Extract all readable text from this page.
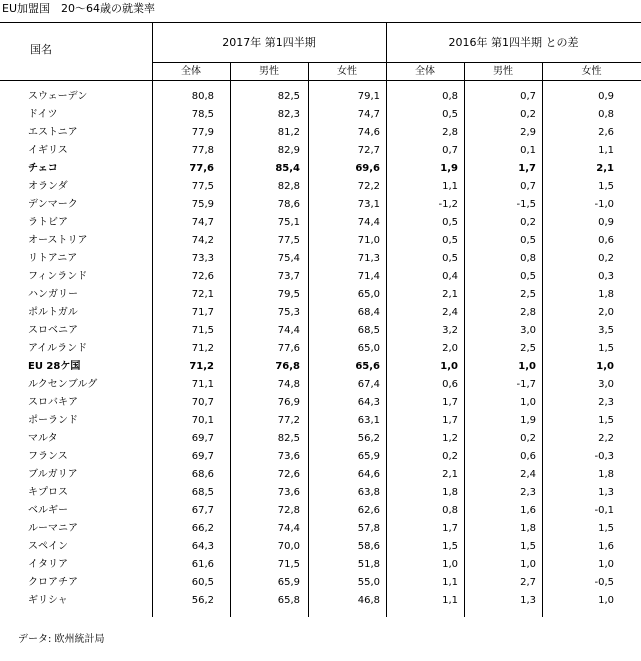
EU加盟国　20〜64歳の就業率
国名
2017年 第1四半期	2016年 第1四半期 との差
全体	男性	女性	全体	男性	女性
スウェーデン	80,8	82,5	79,1	0,8	0,7	0,9
ドイツ	78,5	82,3	74,7	0,5	0,2	0,8
エストニア	77,9	81,2	74,6	2,8	2,9	2,6
イギリス	77,8	82,9	72,7	0,7	0,1	1,1
チェコ	77,6	85,4	69,6	1,9	1,7	2,1
オランダ	77,5	82,8	72,2	1,1	0,7	1,5
デンマーク	75,9	78,6	73,1	-1,2	-1,5	-1,0
ラトビア	74,7	75,1	74,4	0,5	0,2	0,9
オーストリア	74,2	77,5	71,0	0,5	0,5	0,6
リトアニア	73,3	75,4	71,3	0,5	0,8	0,2
フィンランド	72,6	73,7	71,4	0,4	0,5	0,3
ハンガリー	72,1	79,5	65,0	2,1	2,5	1,8
ポルトガル	71,7	75,3	68,4	2,4	2,8	2,0
スロベニア	71,5	74,4	68,5	3,2	3,0	3,5
アイルランド	71,2	77,6	65,0	2,0	2,5	1,5
EU 28ケ国	71,2	76,8	65,6	1,0	1,0	1,0
ルクセンブルグ	71,1	74,8	67,4	0,6	-1,7	3,0
スロバキア	70,7	76,9	64,3	1,7	1,0	2,3
ポーランド	70,1	77,2	63,1	1,7	1,9	1,5
マルタ	69,7	82,5	56,2	1,2	0,2	2,2
フランス	69,7	73,6	65,9	0,2	0,6	-0,3
ブルガリア	68,6	72,6	64,6	2,1	2,4	1,8
キプロス	68,5	73,6	63,8	1,8	2,3	1,3
ベルギー	67,7	72,8	62,6	0,8	1,6	-0,1
ルーマニア	66,2	74,4	57,8	1,7	1,8	1,5
スペイン	64,3	70,0	58,6	1,5	1,5	1,6
イタリア	61,6	71,5	51,8	1,0	1,0	1,0
クロアチア	60,5	65,9	55,0	1,1	2,7	-0,5
ギリシャ	56,2	65,8	46,8	1,1	1,3	1,0
データ: 欧州統計局
